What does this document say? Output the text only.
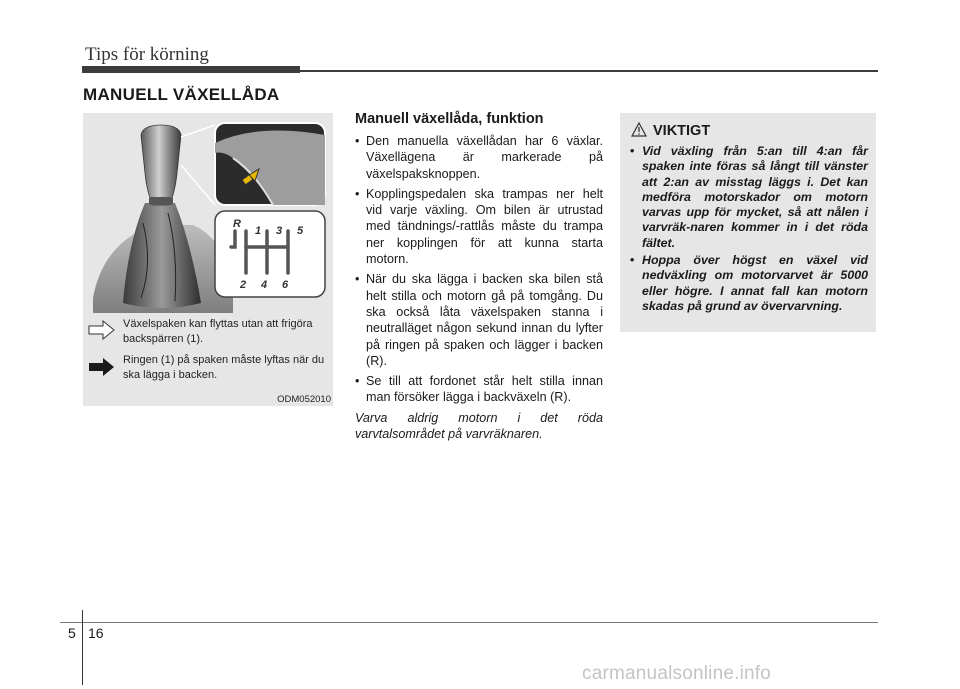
Tips för körning
MANUELL VÄXELLÅDA
R
1 3 5
2 4 6
Växelspaken kan flyttas utan att frigöra backspärren (1).
Ringen (1) på spaken måste lyftas när du ska lägga i backen.
ODM052010
Manuell växellåda, funktion
• Den manuella växellådan har 6 växlar. Växellägena är markerade på växelspaksknoppen.
• Kopplingspedalen ska trampas ner helt vid varje växling. Om bilen är utrustad med tändnings/-rattlås måste du trampa ner kopplingen för att kunna starta motorn.
• När du ska lägga i backen ska bilen stå helt stilla och motorn gå på tomgång. Du ska också låta växelspaken stanna i neutralläget någon sekund innan du lyfter på ringen på spaken och lägger i backen (R).
• Se till att fordonet står helt stilla innan man försöker lägga i backväxeln (R).
Varva aldrig motorn i det röda varvtalsområdet på varvräknaren.
VIKTIGT
• Vid växling från 5:an till 4:an får spaken inte föras så långt till vänster att 2:an av misstag läggs i. Det kan medföra motorskador om motorn varvas upp för mycket, så att nålen i varvräk-naren kommer in i det röda fältet.
• Hoppa över högst en växel vid nedväxling om motorvarvet är 5000 eller högre. I annat fall kan motorn skadas på grund av övervarvning.
5 16
carmanualsonline.info
